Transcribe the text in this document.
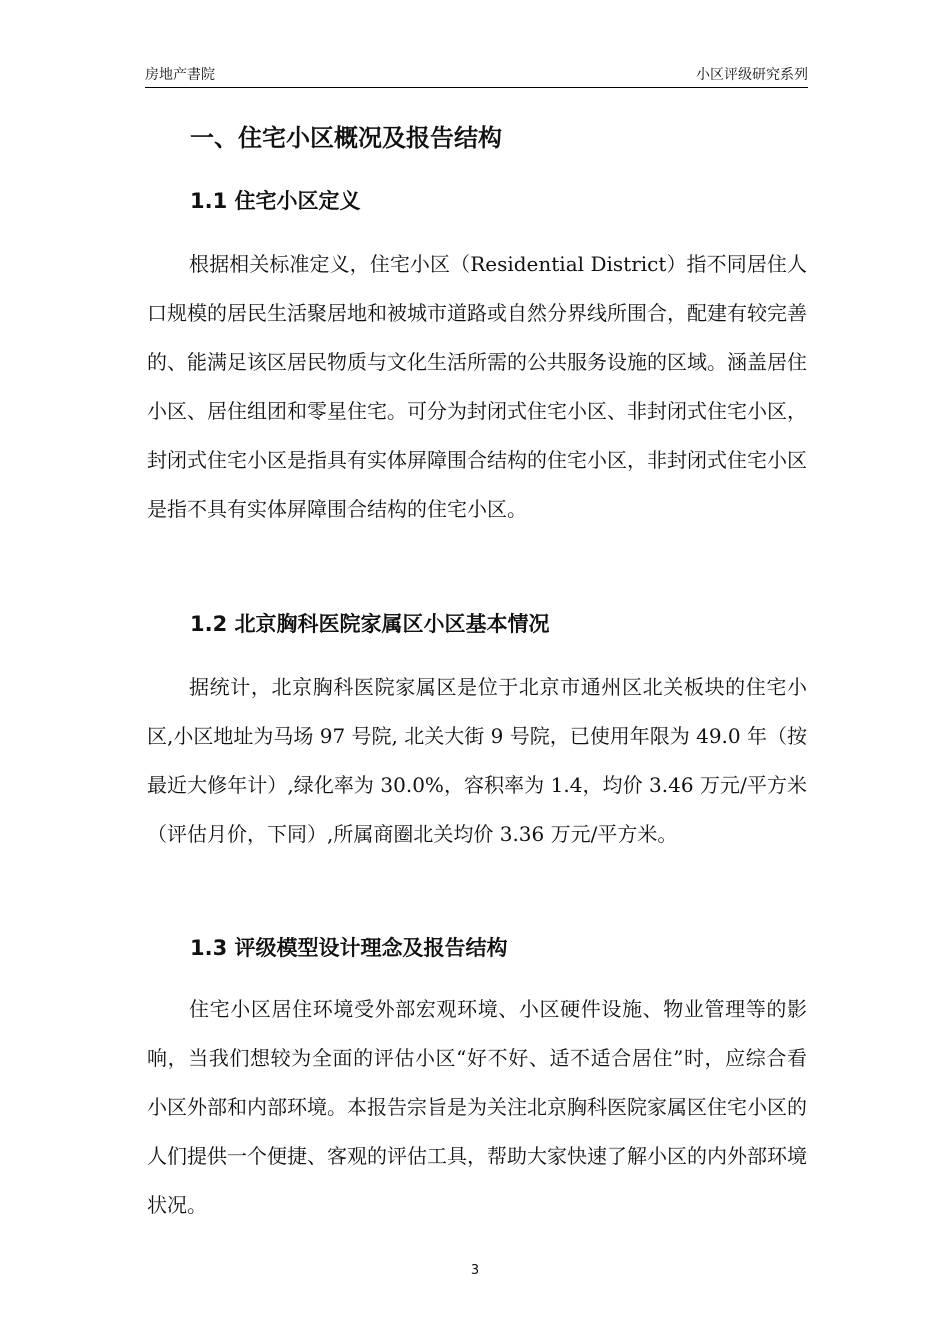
房地产書院	小区评级研究系列
一、住宅小区概况及报告结构
1.1 住宅小区定义

根据相关标准定义，住宅小区（Residential District）指不同居住人口规模的居民生活聚居地和被城市道路或自然分界线所围合，配建有较完善的、能满足该区居民物质与文化生活所需的公共服务设施的区域。涵盖居住小区、居住组团和零星住宅。可分为封闭式住宅小区、非封闭式住宅小区，封闭式住宅小区是指具有实体屏障围合结构的住宅小区，非封闭式住宅小区是指不具有实体屏障围合结构的住宅小区。

1.2 北京胸科医院家属区小区基本情况

据统计，北京胸科医院家属区是位于北京市通州区北关板块的住宅小区,小区地址为马场 97 号院, 北关大街 9 号院，已使用年限为 49.0 年（按最近大修年计）,绿化率为 30.0%，容积率为 1.4，均价 3.46 万元/平方米（评估月价，下同）,所属商圈北关均价 3.36 万元/平方米。

1.3 评级模型设计理念及报告结构

住宅小区居住环境受外部宏观环境、小区硬件设施、物业管理等的影响，当我们想较为全面的评估小区“好不好、适不适合居住”时，应综合看小区外部和内部环境。本报告宗旨是为关注北京胸科医院家属区住宅小区的人们提供一个便捷、客观的评估工具，帮助大家快速了解小区的内外部环境状况。

3
